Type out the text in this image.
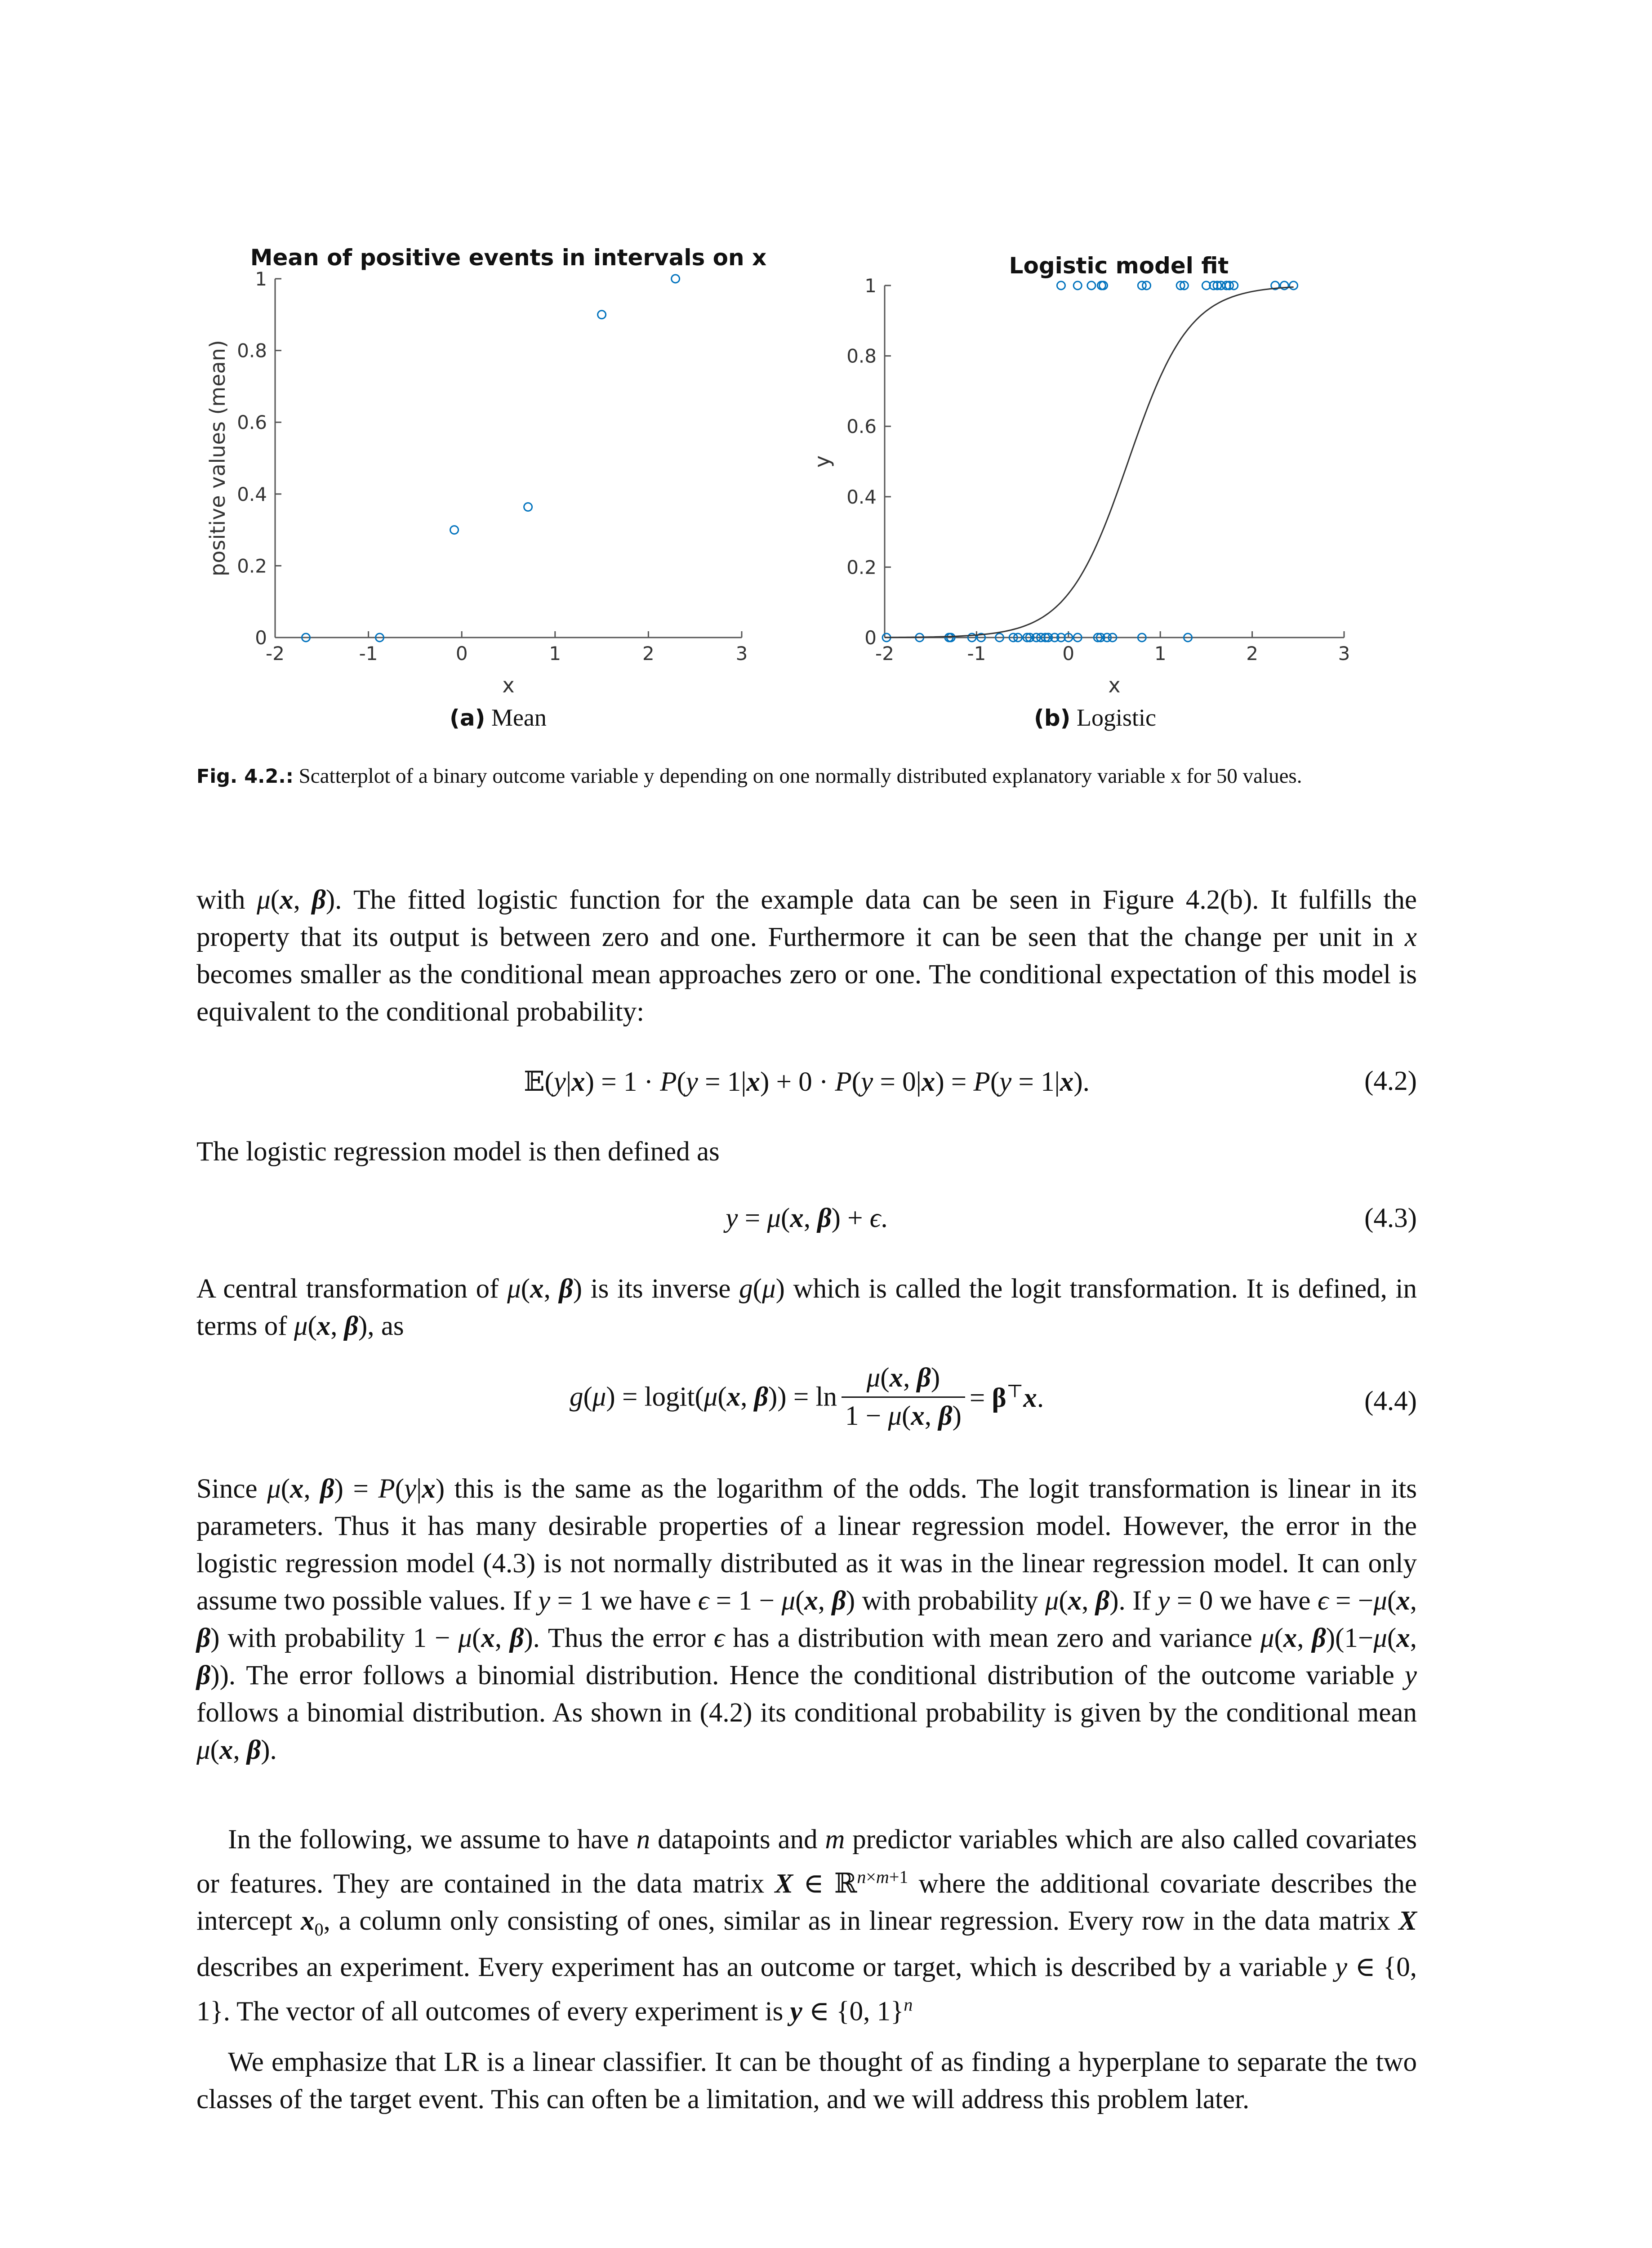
Mean of positive events in intervals on x
-2	-1	0	1	2	3
0
0.2
0.4
0.6
0.8
1
x
positive values (mean)
Logistic model fit
-2	-1	0	1	2	3
0
0.2
0.4
0.6
0.8
1
x
y
(a) Mean	(b) Logistic
Fig. 4.2.: Scatterplot of a binary outcome variable y depending on one normally distributed explanatory variable x for 50 values.

with μ(x, β). The fitted logistic function for the example data can be seen in Figure 4.2(b). It fulfills the property that its output is between zero and one. Furthermore it can be seen that the change per unit in x becomes smaller as the conditional mean approaches zero or one. The conditional expectation of this model is equivalent to the conditional probability:

𝔼(y|x) = 1 · P(y = 1|x) + 0 · P(y = 0|x) = P(y = 1|x).	(4.2)

The logistic regression model is then defined as

y = μ(x, β) + ϵ.	(4.3)

A central transformation of μ(x, β) is its inverse g(μ) which is called the logit transformation. It is defined, in terms of μ(x, β), as

g(μ) = logit(μ(x, $\beta)) = \ln \frac{\mu(x, \beta)}{1 - \mu(x, \beta)} = \beta^⊤x$.	(4.4)

Since μ(x, β) = P(y|x) this is the same as the logarithm of the odds. The logit transformation is linear in its parameters. Thus it has many desirable properties of a linear regression model. However, the error in the logistic regression model (4.3) is not normally distributed as it was in the linear regression model. It can only assume two possible values. If y = 1 we have ϵ = 1 − μ(x, β) with probability μ(x, β). If y = 0 we have ϵ = −μ(x, β) with probability 1 − μ(x, β). Thus the error ϵ has a distribution with mean zero and variance μ(x, β)(1−μ(x, β)). The error follows a binomial distribution. Hence the conditional distribution of the outcome variable y follows a binomial distribution. As shown in (4.2) its conditional probability is given by the conditional mean μ(x, β).

In the following, we assume to have n datapoints and m predictor variables which are also called covariates or features. They are contained in the data matrix X ∈ ℝ$^{n\times m+1}$ where the additional covariate describes the intercept $x_0$, a column only consisting of ones, similar as in linear regression. Every row in the data matrix X describes an experiment. Every experiment has an outcome or target, which is described by a variable y ∈ {0, 1}. The vector of all outcomes of every experiment is y ∈ {0, 1}$^n$

We emphasize that LR is a linear classifier. It can be thought of as finding a hyperplane to separate the two classes of the target event. This can often be a limitation, and we will address this problem later.
